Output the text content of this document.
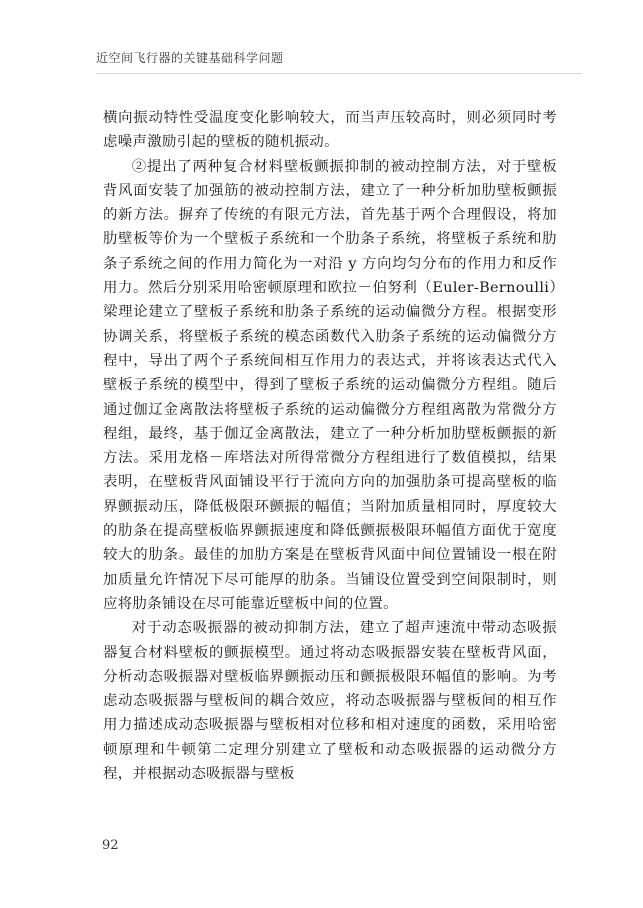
近空间飞行器的关键基础科学问题

横向振动特性受温度变化影响较大，而当声压较高时，则必须同时考虑噪声激励引起的壁板的随机振动。

②提出了两种复合材料壁板颤振抑制的被动控制方法，对于壁板背风面安装了加强筋的被动控制方法，建立了一种分析加肋壁板颤振的新方法。摒弃了传统的有限元方法，首先基于两个合理假设，将加肋壁板等价为一个壁板子系统和一个肋条子系统，将壁板子系统和肋条子系统之间的作用力简化为一对沿 y 方向均匀分布的作用力和反作用力。然后分别采用哈密顿原理和欧拉－伯努利（Euler-Bernoulli）梁理论建立了壁板子系统和肋条子系统的运动偏微分方程。根据变形协调关系，将壁板子系统的模态函数代入肋条子系统的运动偏微分方程中，导出了两个子系统间相互作用力的表达式，并将该表达式代入壁板子系统的模型中，得到了壁板子系统的运动偏微分方程组。随后通过伽辽金离散法将壁板子系统的运动偏微分方程组离散为常微分方程组，最终，基于伽辽金离散法，建立了一种分析加肋壁板颤振的新方法。采用龙格－库塔法对所得常微分方程组进行了数值模拟，结果表明，在壁板背风面铺设平行于流向方向的加强肋条可提高壁板的临界颤振动压，降低极限环颤振的幅值；当附加质量相同时，厚度较大的肋条在提高壁板临界颤振速度和降低颤振极限环幅值方面优于宽度较大的肋条。最佳的加肋方案是在壁板背风面中间位置铺设一根在附加质量允许情况下尽可能厚的肋条。当铺设位置受到空间限制时，则应将肋条铺设在尽可能靠近壁板中间的位置。

对于动态吸振器的被动抑制方法，建立了超声速流中带动态吸振器复合材料壁板的颤振模型。通过将动态吸振器安装在壁板背风面，分析动态吸振器对壁板临界颤振动压和颤振极限环幅值的影响。为考虑动态吸振器与壁板间的耦合效应，将动态吸振器与壁板间的相互作用力描述成动态吸振器与壁板相对位移和相对速度的函数，采用哈密顿原理和牛顿第二定理分别建立了壁板和动态吸振器的运动微分方程，并根据动态吸振器与壁板

92
